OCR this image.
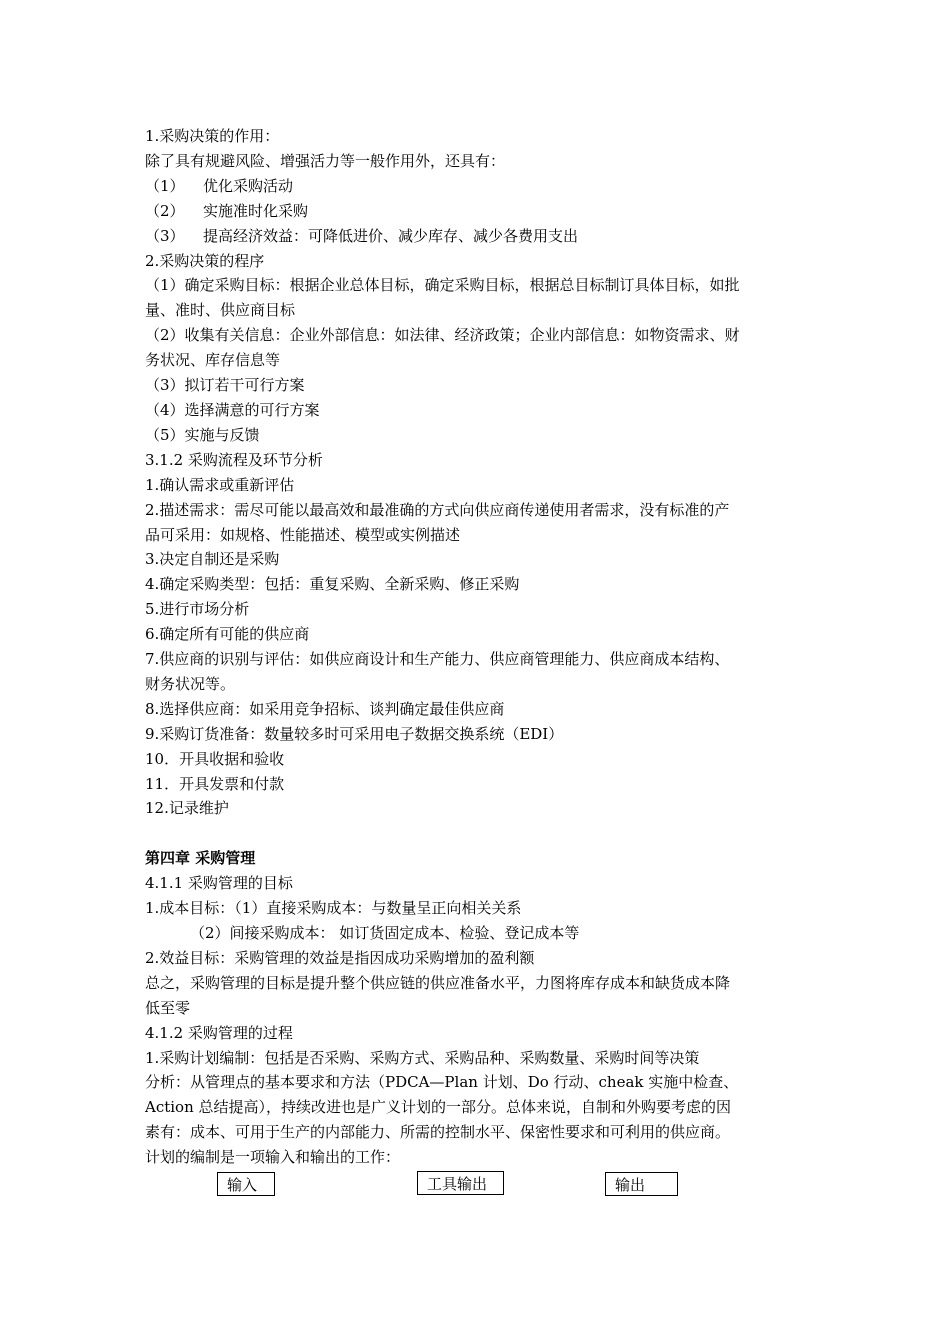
1.采购决策的作用：
除了具有规避风险、增强活力等一般作用外，还具有：
（1） 优化采购活动
（2） 实施准时化采购
（3） 提高经济效益：可降低进价、减少库存、减少各费用支出
2.采购决策的程序
（1）确定采购目标：根据企业总体目标，确定采购目标，根据总目标制订具体目标，如批
量、准时、供应商目标
（2）收集有关信息：企业外部信息：如法律、经济政策；企业内部信息：如物资需求、财
务状况、库存信息等
（3）拟订若干可行方案
（4）选择满意的可行方案
（5）实施与反馈
3.1.2 采购流程及环节分析
1.确认需求或重新评估
2.描述需求：需尽可能以最高效和最准确的方式向供应商传递使用者需求，没有标准的产
品可采用：如规格、性能描述、模型或实例描述
3.决定自制还是采购
4.确定采购类型：包括：重复采购、全新采购、修正采购
5.进行市场分析
6.确定所有可能的供应商
7.供应商的识别与评估：如供应商设计和生产能力、供应商管理能力、供应商成本结构、
财务状况等。
8.选择供应商：如采用竞争招标、谈判确定最佳供应商
9.采购订货准备：数量较多时可采用电子数据交换系统（EDI）
10．开具收据和验收
11．开具发票和付款
12.记录维护
第四章 采购管理
4.1.1 采购管理的目标
1.成本目标：（1）直接采购成本：与数量呈正向相关关系
（2）间接采购成本： 如订货固定成本、检验、登记成本等
2.效益目标：采购管理的效益是指因成功采购增加的盈利额
总之，采购管理的目标是提升整个供应链的供应准备水平，力图将库存成本和缺货成本降
低至零
4.1.2 采购管理的过程
1.采购计划编制：包括是否采购、采购方式、采购品种、采购数量、采购时间等决策
分析：从管理点的基本要求和方法（PDCA—Plan 计划、Do 行动、cheak 实施中检查、
Action 总结提高），持续改进也是广义计划的一部分。总体来说，自制和外购要考虑的因
素有：成本、可用于生产的内部能力、所需的控制水平、保密性要求和可利用的供应商。
计划的编制是一项输入和输出的工作：
输入	工具输出	输出
